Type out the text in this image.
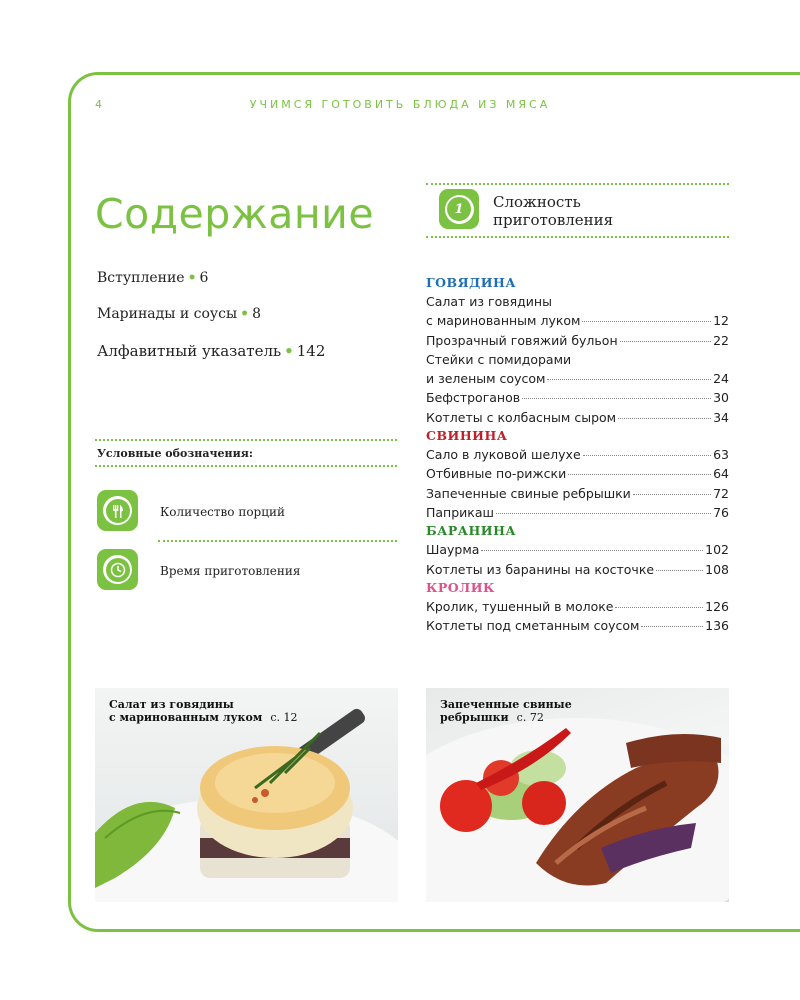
4	УЧИМСЯ ГОТОВИТЬ БЛЮДА ИЗ МЯСА
Содержание
Вступление • 6
Маринады и соусы • 8
Алфавитный указатель • 142
Условные обозначения:
Количество порций
Время приготовления
1 Сложность
приготовления
ГОВЯДИНА
Салат из говядины
с маринованным луком	12
Прозрачный говяжий бульон	22
Стейки с помидорами
и зеленым соусом	24
Бефстроганов	30
Котлеты с колбасным сыром	34
СВИНИНА
Сало в луковой шелухе	63
Отбивные по-рижски	64
Запеченные свиные ребрышки	72
Паприкаш	76
БАРАНИНА
Шаурма	102
Котлеты из баранины на косточке	108
КРОЛИК
Кролик, тушенный в молоке	126
Котлеты под сметанным соусом	136
Салат из говядины
с маринованным луком с. 12
Запеченные свиные
ребрышки с. 72
